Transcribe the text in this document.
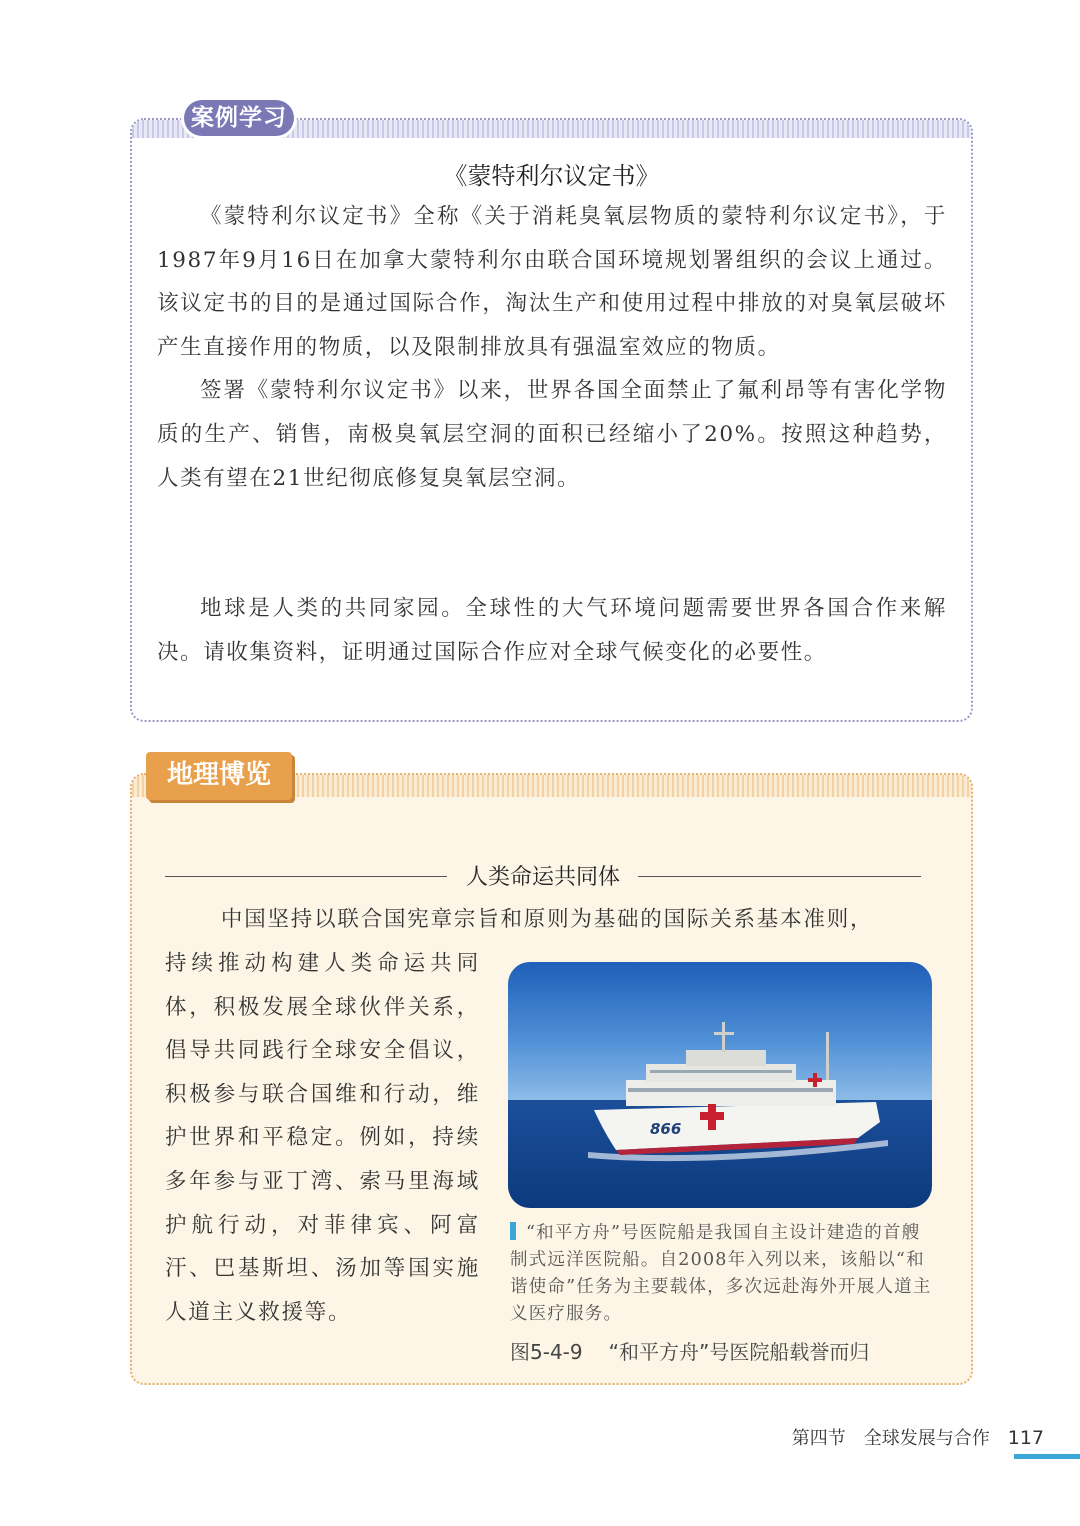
案例学习
《蒙特利尔议定书》

《蒙特利尔议定书》全称《关于消耗臭氧层物质的蒙特利尔议定书》，于1987年9月16日在加拿大蒙特利尔由联合国环境规划署组织的会议上通过。该议定书的目的是通过国际合作，淘汰生产和使用过程中排放的对臭氧层破坏产生直接作用的物质，以及限制排放具有强温室效应的物质。

签署《蒙特利尔议定书》以来，世界各国全面禁止了氟利昂等有害化学物质的生产、销售，南极臭氧层空洞的面积已经缩小了20%。按照这种趋势，人类有望在21世纪彻底修复臭氧层空洞。

地球是人类的共同家园。全球性的大气环境问题需要世界各国合作来解决。请收集资料，证明通过国际合作应对全球气候变化的必要性。

地理博览
人类命运共同体
中国坚持以联合国宪章宗旨和原则为基础的国际关系基本准则，
持续推动构建人类命运共同体，积极发展全球伙伴关系，倡导共同践行全球安全倡议，积极参与联合国维和行动，维护世界和平稳定。例如，持续多年参与亚丁湾、索马里海域护航行动，对菲律宾、阿富汗、巴基斯坦、汤加等国实施人道主义救援等。
866
“和平方舟”号医院船是我国自主设计建造的首艘制式远洋医院船。自2008年入列以来，该船以“和谐使命”任务为主要载体，多次远赴海外开展人道主义医疗服务。
图5-4-9 “和平方舟”号医院船载誉而归
第四节 全球发展与合作 117
